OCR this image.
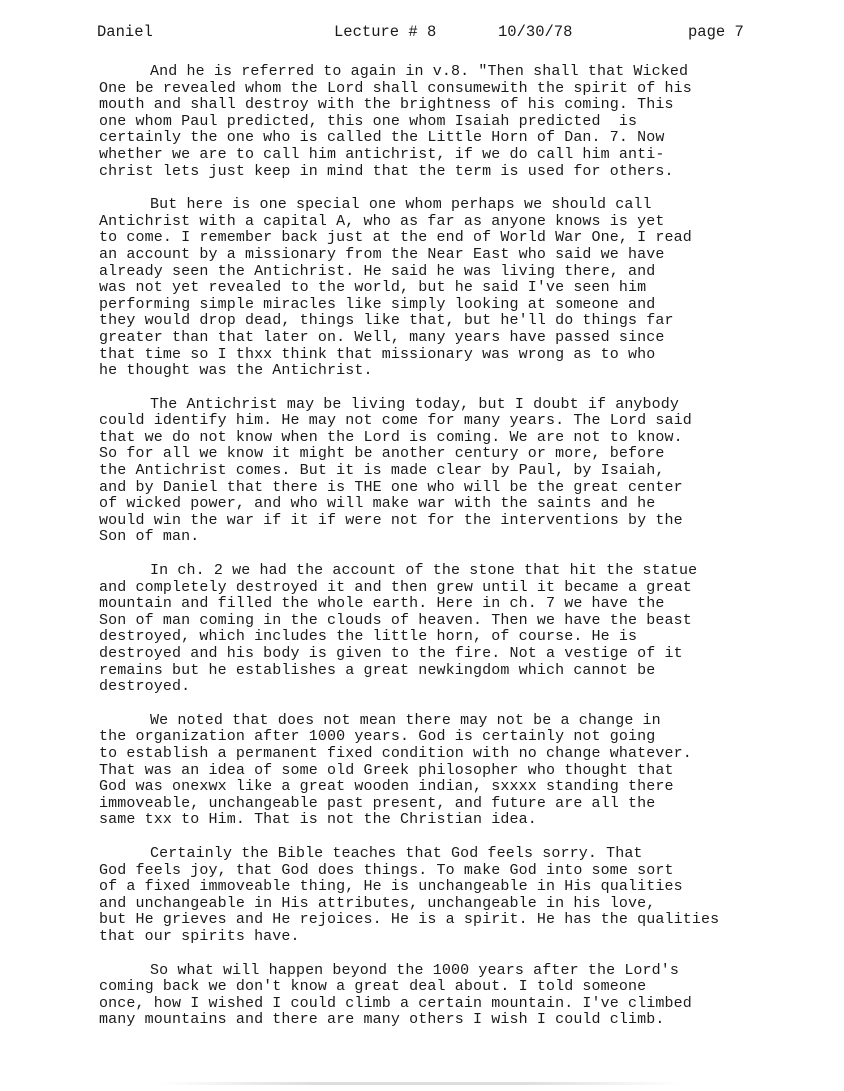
Daniel	Lecture # 8	10/30/78	page 7
And he is referred to again in v.8. "Then shall that Wicked
One be revealed whom the Lord shall consumewith the spirit of his
mouth and shall destroy with the brightness of his coming. This
one whom Paul predicted, this one whom Isaiah predicted  is
certainly the one who is called the Little Horn of Dan. 7. Now
whether we are to call him antichrist, if we do call him anti-
christ lets just keep in mind that the term is used for others.
But here is one special one whom perhaps we should call
Antichrist with a capital A, who as far as anyone knows is yet
to come. I remember back just at the end of World War One, I read
an account by a missionary from the Near East who said we have
already seen the Antichrist. He said he was living there, and
was not yet revealed to the world, but he said I've seen him
performing simple miracles like simply looking at someone and
they would drop dead, things like that, but he'll do things far
greater than that later on. Well, many years have passed since
that time so I thxx think that missionary was wrong as to who
he thought was the Antichrist.
The Antichrist may be living today, but I doubt if anybody
could identify him. He may not come for many years. The Lord said
that we do not know when the Lord is coming. We are not to know.
So for all we know it might be another century or more, before
the Antichrist comes. But it is made clear by Paul, by Isaiah,
and by Daniel that there is THE one who will be the great center
of wicked power, and who will make war with the saints and he
would win the war if it if were not for the interventions by the
Son of man.
In ch. 2 we had the account of the stone that hit the statue
and completely destroyed it and then grew until it became a great
mountain and filled the whole earth. Here in ch. 7 we have the
Son of man coming in the clouds of heaven. Then we have the beast
destroyed, which includes the little horn, of course. He is
destroyed and his body is given to the fire. Not a vestige of it
remains but he establishes a great newkingdom which cannot be
destroyed.
We noted that does not mean there may not be a change in
the organization after 1000 years. God is certainly not going
to establish a permanent fixed condition with no change whatever.
That was an idea of some old Greek philosopher who thought that
God was onexwx like a great wooden indian, sxxxx standing there
immoveable, unchangeable past present, and future are all the
same txx to Him. That is not the Christian idea.
Certainly the Bible teaches that God feels sorry. That
God feels joy, that God does things. To make God into some sort
of a fixed immoveable thing, He is unchangeable in His qualities
and unchangeable in His attributes, unchangeable in his love,
but He grieves and He rejoices. He is a spirit. He has the qualities
that our spirits have.
So what will happen beyond the 1000 years after the Lord's
coming back we don't know a great deal about. I told someone
once, how I wished I could climb a certain mountain. I've climbed
many mountains and there are many others I wish I could climb.
